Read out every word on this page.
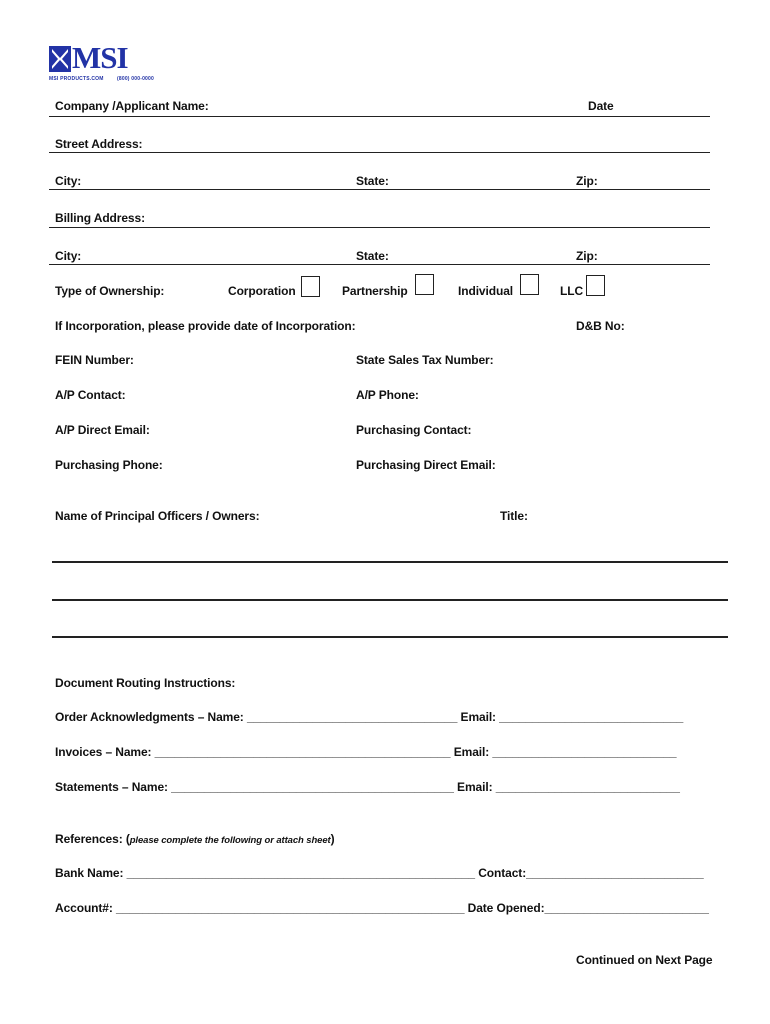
MSI
MSI PRODUCTS.COM	(800) 000-0000
Company /Applicant Name:	Date
Street Address:
City:	State:	Zip:
Billing Address:
City:	State:	Zip:
Type of Ownership:	Corporation	Partnership	Individual	LLC
If Incorporation, please provide date of Incorporation:	D&B No:
FEIN Number:	State Sales Tax Number:
A/P Contact:	A/P Phone:
A/P Direct Email:	Purchasing Contact:
Purchasing Phone:	Purchasing Direct Email:
Name of Principal Officers / Owners:	Title:
Document Routing Instructions:
Order Acknowledgments – Name: ________________________________ Email: ____________________________
Invoices – Name: _____________________________________________ Email: ____________________________
Statements – Name: ___________________________________________ Email: ____________________________
References: (please complete the following or attach sheet)
Bank Name: _____________________________________________________ Contact:___________________________
Account#: _____________________________________________________ Date Opened:_________________________
Continued on Next Page
